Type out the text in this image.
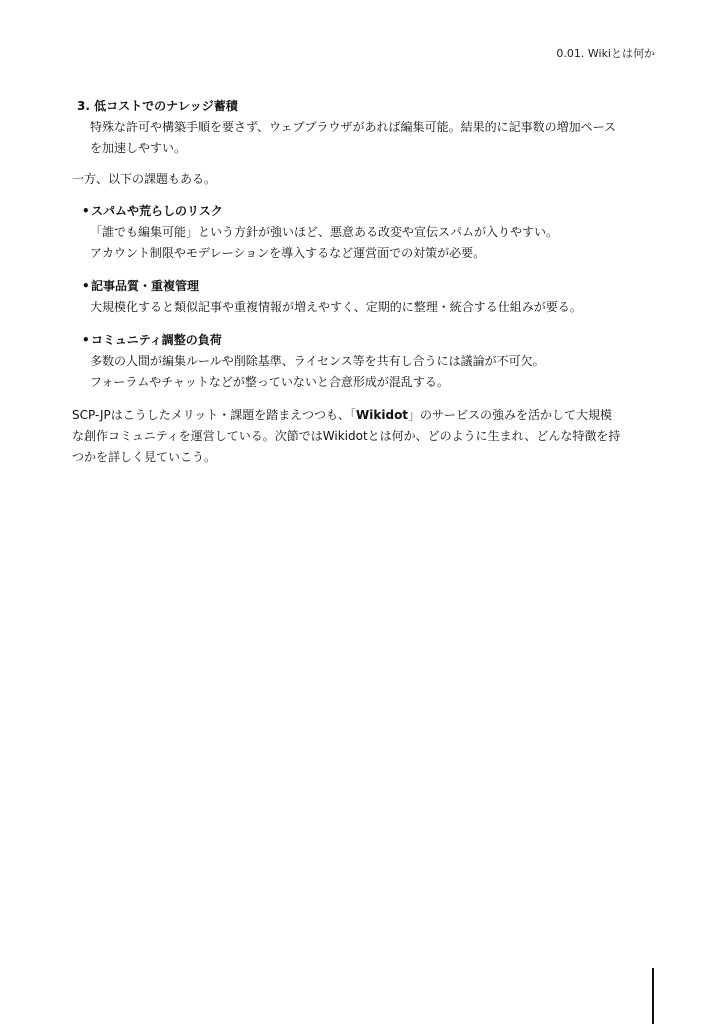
0.01. Wikiとは何か
3. 低コストでのナレッジ蓄積
特殊な許可や構築手順を要さず、ウェブブラウザがあれば編集可能。結果的に記事数の増加ペース
を加速しやすい。

一方、以下の課題もある。

•スパムや荒らしのリスク
「誰でも編集可能」という方針が強いほど、悪意ある改変や宣伝スパムが入りやすい。
アカウント制限やモデレーションを導入するなど運営面での対策が必要。
•記事品質・重複管理
大規模化すると類似記事や重複情報が増えやすく、定期的に整理・統合する仕組みが要る。
•コミュニティ調整の負荷
多数の人間が編集ルールや削除基準、ライセンス等を共有し合うには議論が不可欠。
フォーラムやチャットなどが整っていないと合意形成が混乱する。
SCP-JPはこうしたメリット・課題を踏まえつつも、「Wikidot」のサービスの強みを活かして大規模
な創作コミュニティを運営している。次節ではWikidotとは何か、どのように生まれ、どんな特徴を持
つかを詳しく見ていこう。
